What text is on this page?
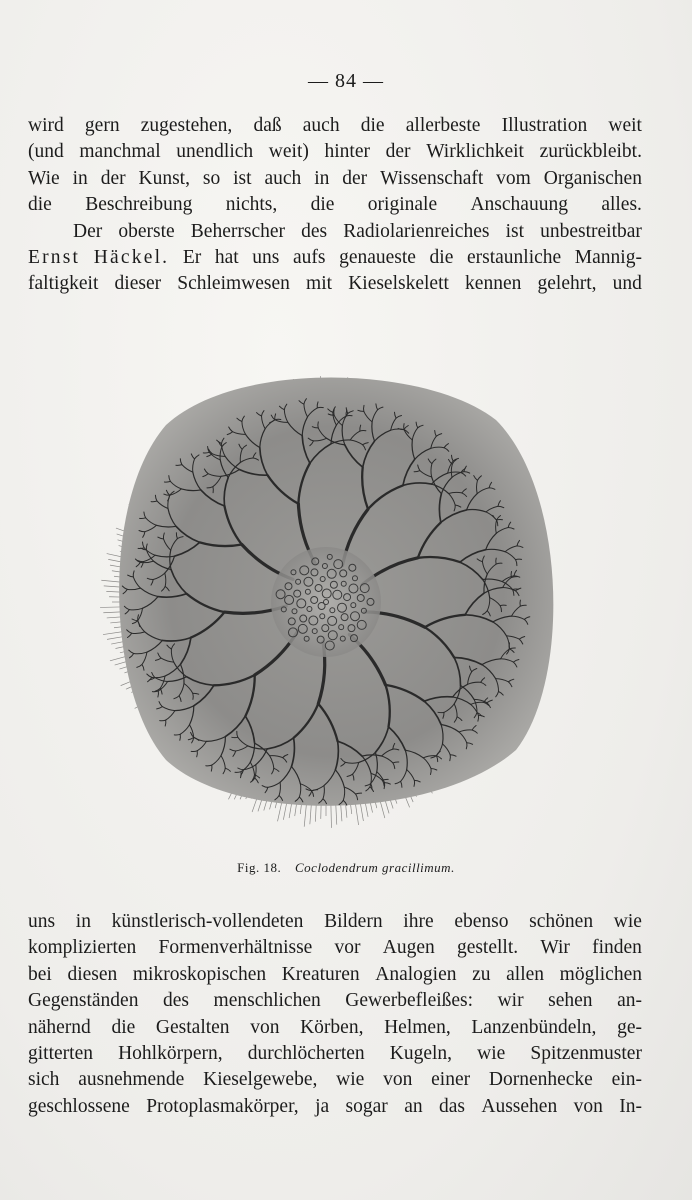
— 84 —
wird gern zugestehen, daß auch die allerbeste Illustration weit
(und manchmal unendlich weit) hinter der Wirklichkeit zurückbleibt.
Wie in der Kunst, so ist auch in der Wissenschaft vom Organischen
die Beschreibung nichts, die originale Anschauung alles.
Der oberste Beherrscher des Radiolarienreiches ist unbestreitbar
Ernst Häckel. Er hat uns aufs genaueste die erstaunliche Mannig-
faltigkeit dieser Schleimwesen mit Kieselskelett kennen gelehrt, und
Fig. 18. Coclodendrum gracillimum.
uns in künstlerisch-vollendeten Bildern ihre ebenso schönen wie
komplizierten Formenverhältnisse vor Augen gestellt. Wir finden
bei diesen mikroskopischen Kreaturen Analogien zu allen möglichen
Gegenständen des menschlichen Gewerbefleißes: wir sehen an-
nähernd die Gestalten von Körben, Helmen, Lanzenbündeln, ge-
gitterten Hohlkörpern, durchlöcherten Kugeln, wie Spitzenmuster
sich ausnehmende Kieselgewebe, wie von einer Dornenhecke ein-
geschlossene Protoplasmakörper, ja sogar an das Aussehen von In-
